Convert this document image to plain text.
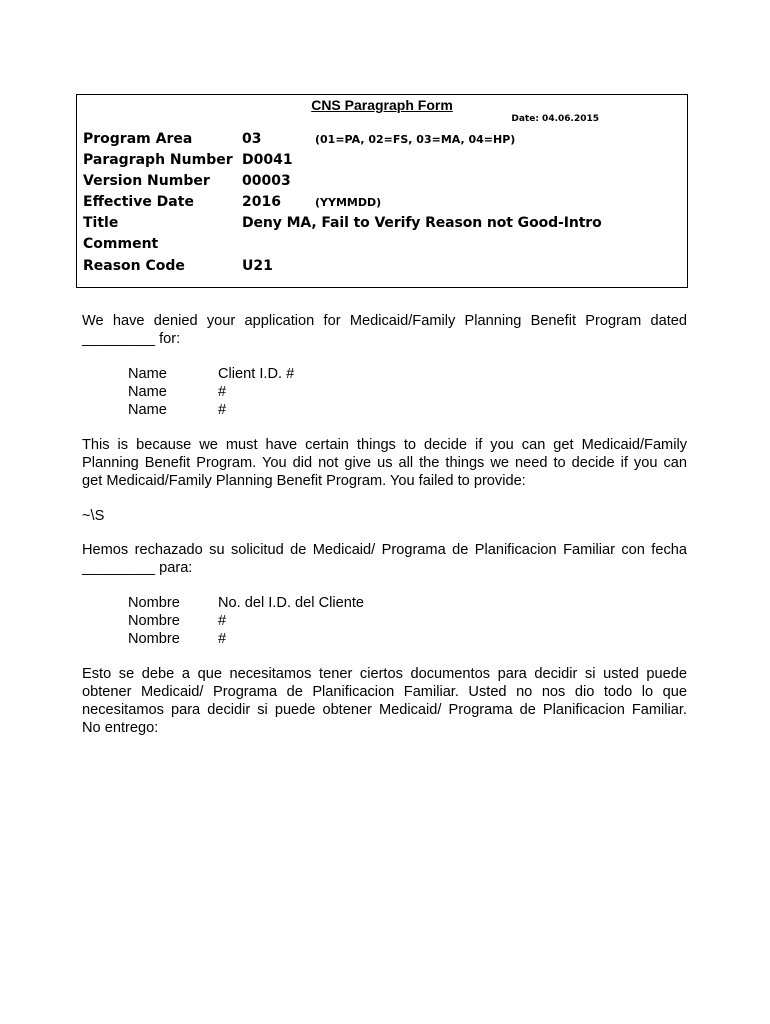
CNS Paragraph Form
Date: 04.06.2015
Program Area	03	(01=PA, 02=FS, 03=MA, 04=HP)
Paragraph Number D0041
Version Number 00003
Effective Date	2016	(YYMMDD)
Title	Deny MA, Fail to Verify Reason not Good-Intro
Comment
Reason Code	U21

We have denied your application for Medicaid/Family Planning Benefit Program dated
_________ for:

Name	Client I.D. #
Name	#
Name	#

This is because we must have certain things to decide if you can get Medicaid/Family
Planning Benefit Program. You did not give us all the things we need to decide if you can
get Medicaid/Family Planning Benefit Program. You failed to provide:

~\S

Hemos rechazado su solicitud de Medicaid/ Programa de Planificacion Familiar con fecha
_________ para:

Nombre	No. del I.D. del Cliente
Nombre	#
Nombre	#

Esto se debe a que necesitamos tener ciertos documentos para decidir si usted puede
obtener Medicaid/ Programa de Planificacion Familiar. Usted no nos dio todo lo que
necesitamos para decidir si puede obtener Medicaid/ Programa de Planificacion Familiar.
No entrego:
